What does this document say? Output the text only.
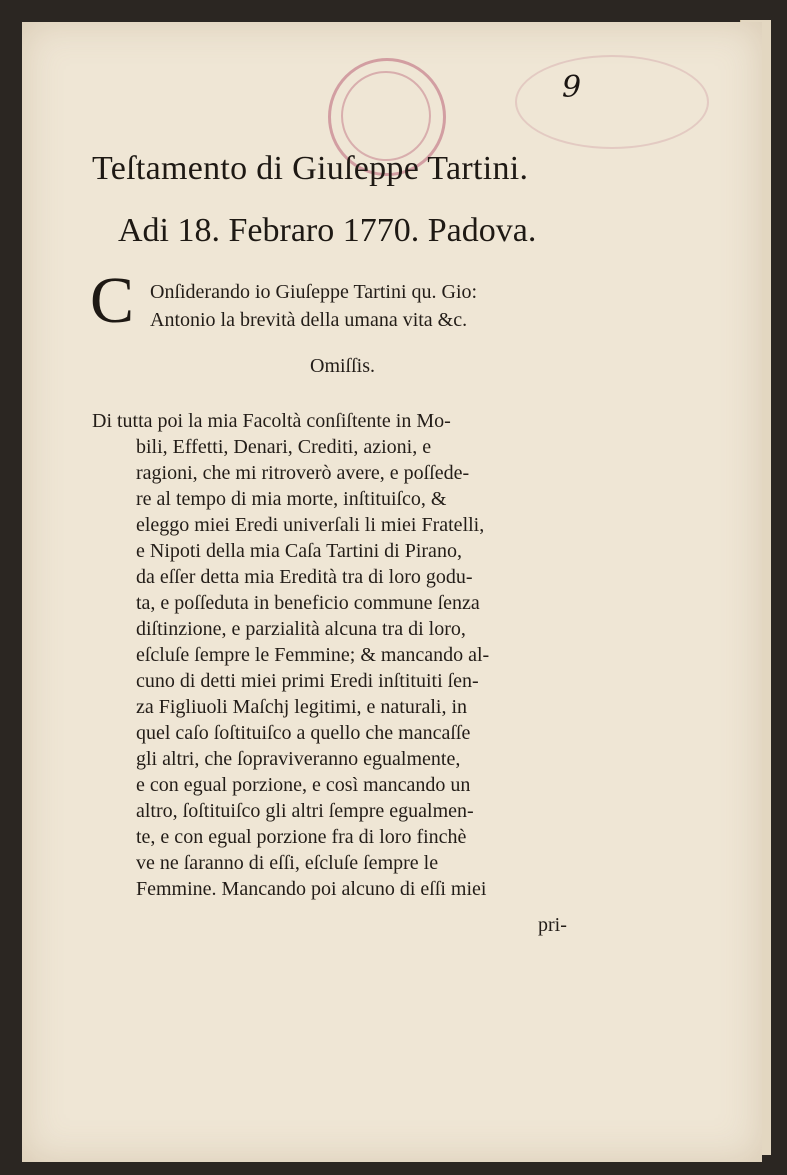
9
Teſtamento di Giuſeppe Tartini.
Adi 18. Febraro 1770. Padova.
C Onſiderando io Giuſeppe Tartini qu. Gio:
Antonio la brevità della umana vita &c.
Omiſſis.
Di tutta poi la mia Facoltà conſiſtente in Mo-
bili, Effetti, Denari, Crediti, azioni, e
ragioni, che mi ritroverò avere, e poſſede-
re al tempo di mia morte, inſtituiſco, &
eleggo miei Eredi univerſali li miei Fratelli,
e Nipoti della mia Caſa Tartini di Pirano,
da eſſer detta mia Eredità tra di loro godu-
ta, e poſſeduta in beneficio commune ſenza
diſtinzione, e parzialità alcuna tra di loro,
eſcluſe ſempre le Femmine; & mancando al-
cuno di detti miei primi Eredi inſtituiti ſen-
za Figliuoli Maſchj legitimi, e naturali, in
quel caſo ſoſtituiſco a quello che mancaſſe
gli altri, che ſopraviveranno egualmente,
e con egual porzione, e così mancando un
altro, ſoſtituiſco gli altri ſempre egualmen-
te, e con egual porzione fra di loro finchè
ve ne ſaranno di eſſi, eſcluſe ſempre le
Femmine. Mancando poi alcuno di eſſi miei
pri-
